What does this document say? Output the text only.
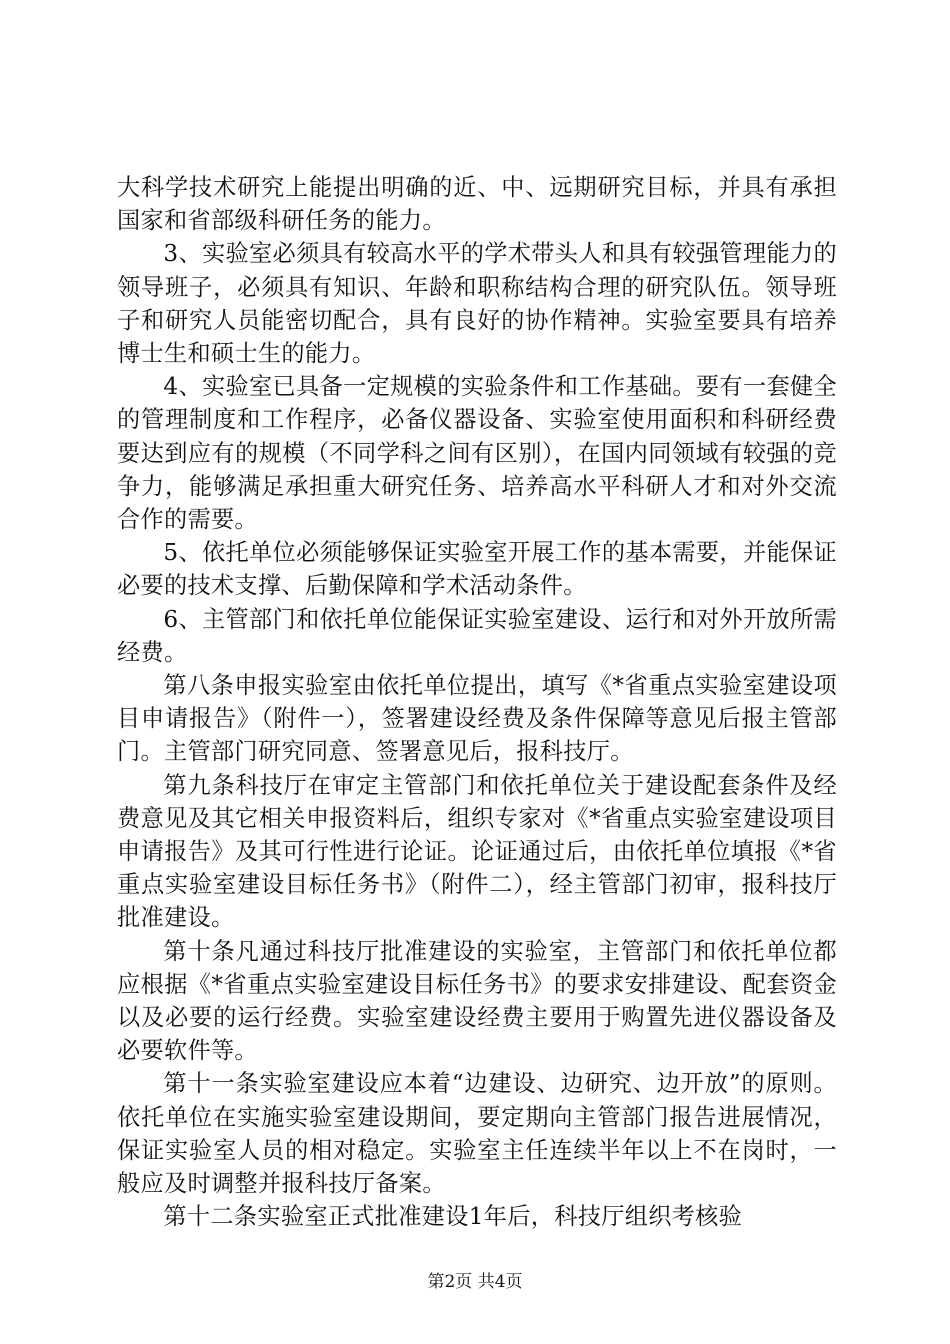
大科学技术研究上能提出明确的近、中、远期研究目标，并具有承担国家和省部级科研任务的能力。

3、实验室必须具有较高水平的学术带头人和具有较强管理能力的领导班子，必须具有知识、年龄和职称结构合理的研究队伍。领导班子和研究人员能密切配合，具有良好的协作精神。实验室要具有培养博士生和硕士生的能力。

4、实验室已具备一定规模的实验条件和工作基础。要有一套健全的管理制度和工作程序，必备仪器设备、实验室使用面积和科研经费要达到应有的规模（不同学科之间有区别），在国内同领域有较强的竞争力，能够满足承担重大研究任务、培养高水平科研人才和对外交流合作的需要。

5、依托单位必须能够保证实验室开展工作的基本需要，并能保证必要的技术支撑、后勤保障和学术活动条件。

6、主管部门和依托单位能保证实验室建设、运行和对外开放所需经费。

第八条申报实验室由依托单位提出，填写《*省重点实验室建设项目申请报告》（附件一），签署建设经费及条件保障等意见后报主管部门。主管部门研究同意、签署意见后，报科技厅。

第九条科技厅在审定主管部门和依托单位关于建设配套条件及经费意见及其它相关申报资料后，组织专家对《*省重点实验室建设项目申请报告》及其可行性进行论证。论证通过后，由依托单位填报《*省重点实验室建设目标任务书》（附件二），经主管部门初审，报科技厅批准建设。

第十条凡通过科技厅批准建设的实验室，主管部门和依托单位都应根据《*省重点实验室建设目标任务书》的要求安排建设、配套资金以及必要的运行经费。实验室建设经费主要用于购置先进仪器设备及必要软件等。

第十一条实验室建设应本着“边建设、边研究、边开放”的原则。依托单位在实施实验室建设期间，要定期向主管部门报告进展情况，保证实验室人员的相对稳定。实验室主任连续半年以上不在岗时，一般应及时调整并报科技厅备案。

第十二条实验室正式批准建设1年后，科技厅组织考核验

第2页 共4页
